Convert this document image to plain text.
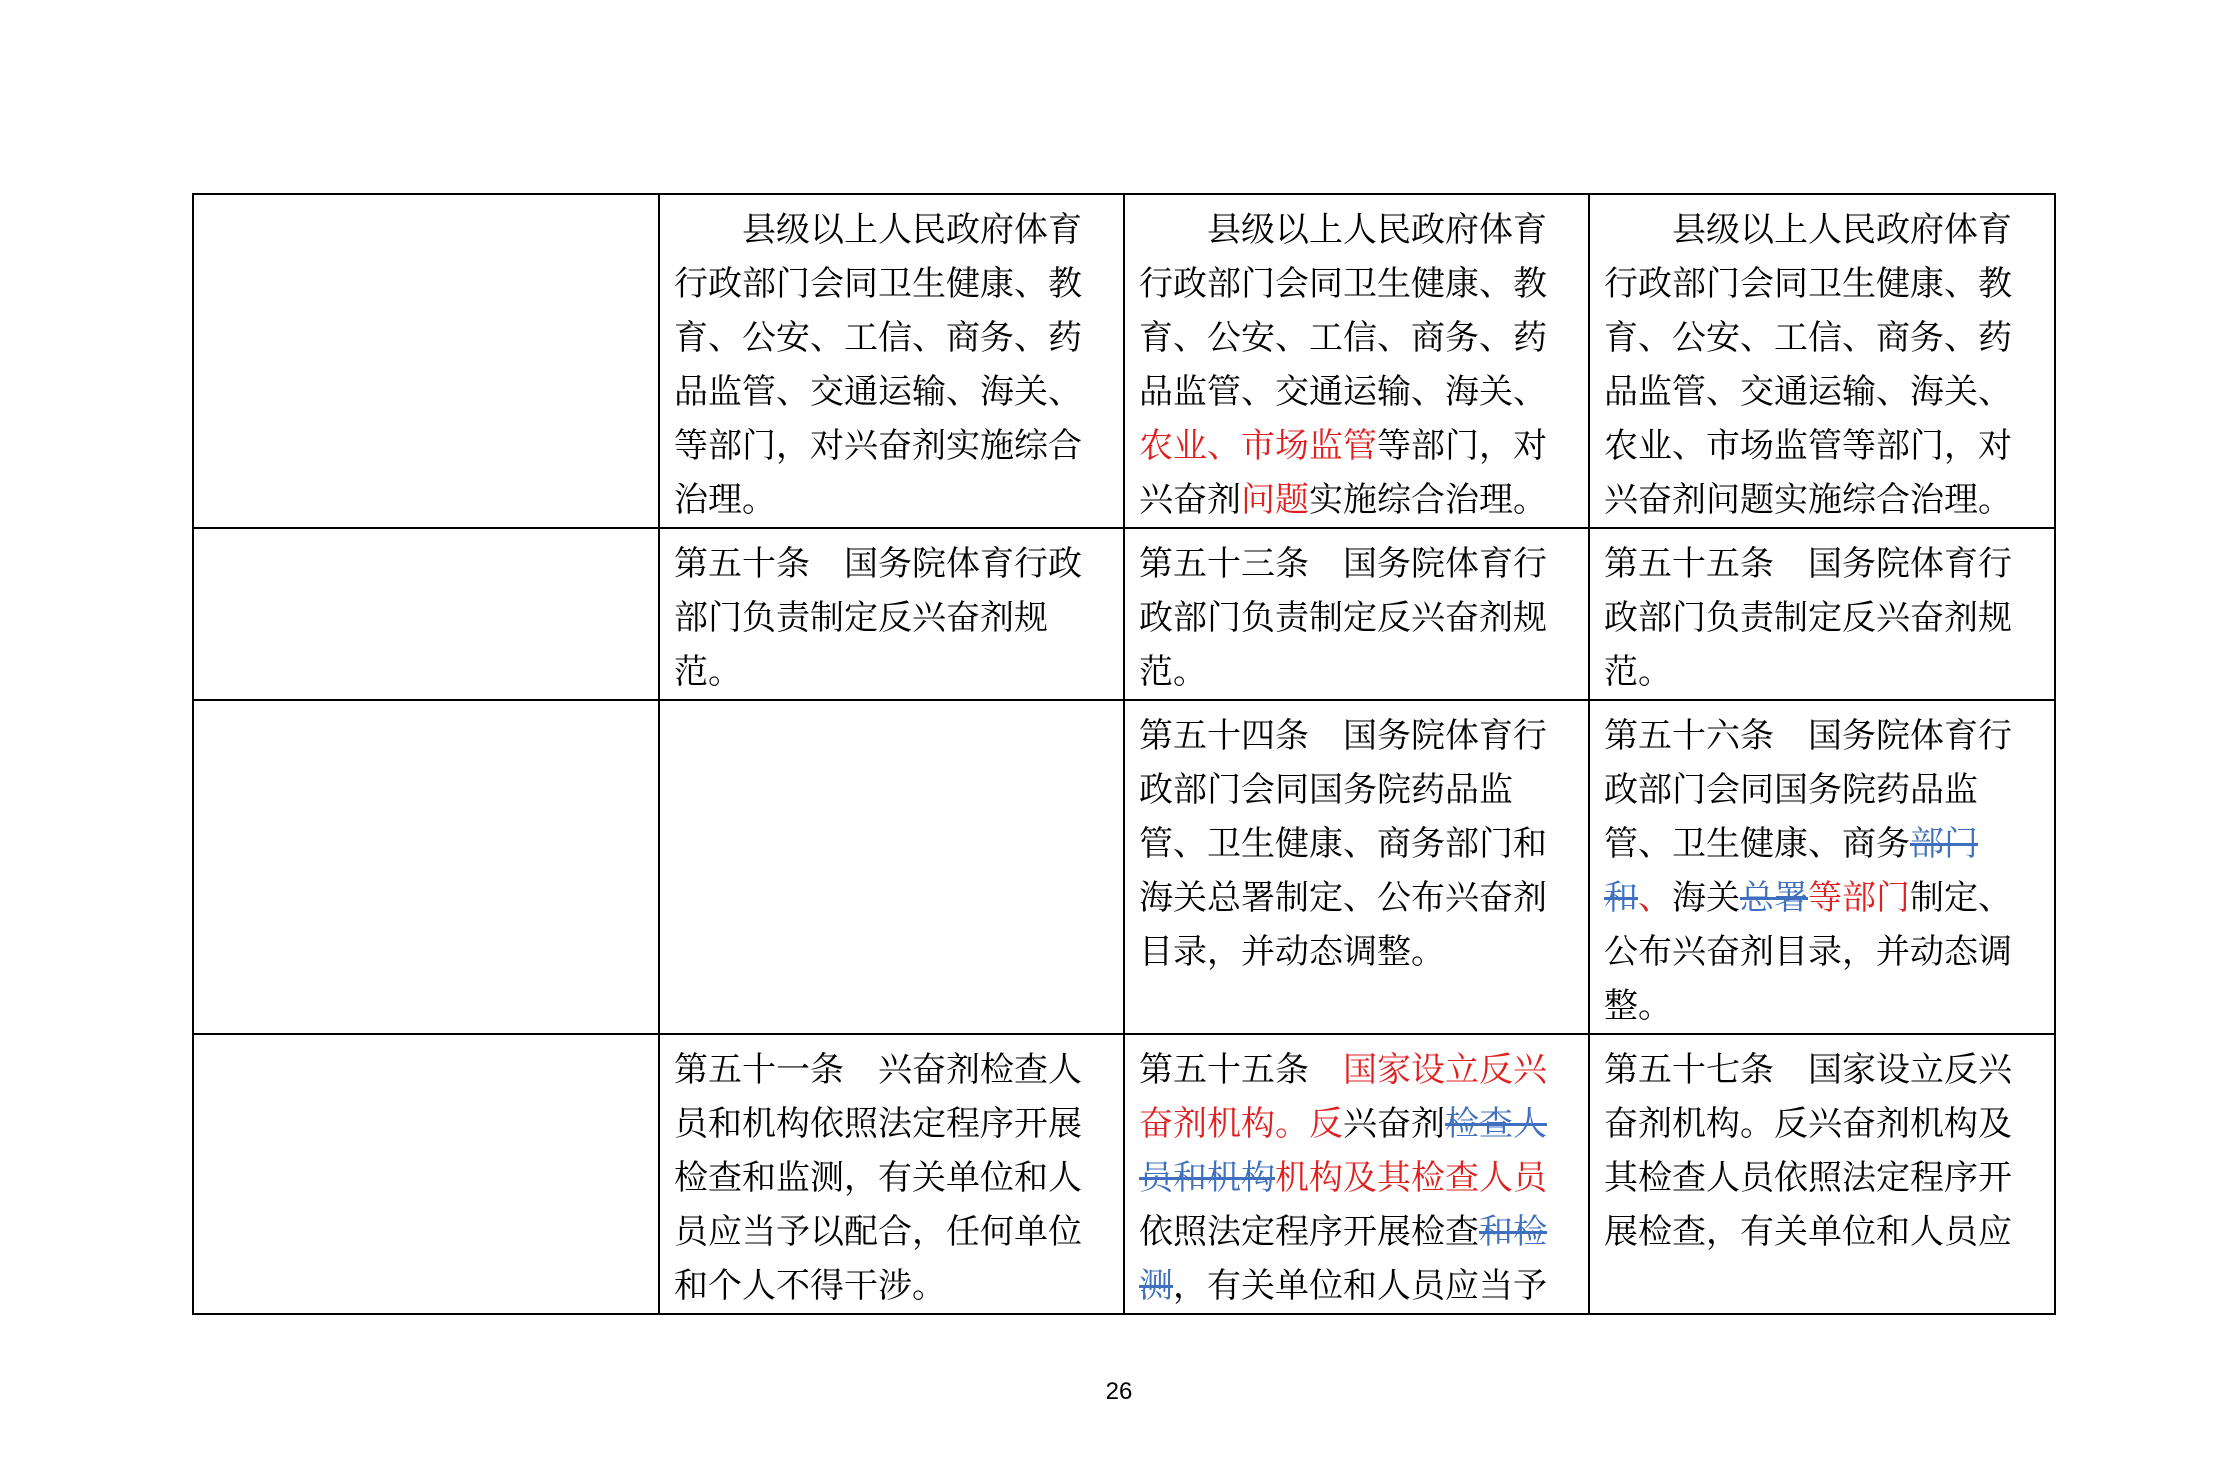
	县级以上人民政府体育行政部门会同卫生健康、教育、公安、工信、商务、药品监管、交通运输、海关、等部门，对兴奋剂实施综合治理。	县级以上人民政府体育行政部门会同卫生健康、教育、公安、工信、商务、药品监管、交通运输、海关、农业、市场监管等部门，对兴奋剂问题实施综合治理。	县级以上人民政府体育行政部门会同卫生健康、教育、公安、工信、商务、药品监管、交通运输、海关、农业、市场监管等部门，对兴奋剂问题实施综合治理。
	第五十条　国务院体育行政部门负责制定反兴奋剂规范。	第五十三条　国务院体育行政部门负责制定反兴奋剂规范。	第五十五条　国务院体育行政部门负责制定反兴奋剂规范。
		第五十四条　国务院体育行政部门会同国务院药品监管、卫生健康、商务部门和海关总署制定、公布兴奋剂目录，并动态调整。	第五十六条　国务院体育行政部门会同国务院药品监管、卫生健康、商务部门和、海关总署等部门制定、公布兴奋剂目录，并动态调整。
	第五十一条　兴奋剂检查人员和机构依照法定程序开展检查和监测，有关单位和人员应当予以配合，任何单位和个人不得干涉。	第五十五条　国家设立反兴奋剂机构。反兴奋剂检查人员和机构机构及其检查人员依照法定程序开展检查和检测，有关单位和人员应当予	第五十七条　国家设立反兴奋剂机构。反兴奋剂机构及其检查人员依照法定程序开展检查，有关单位和人员应
26
